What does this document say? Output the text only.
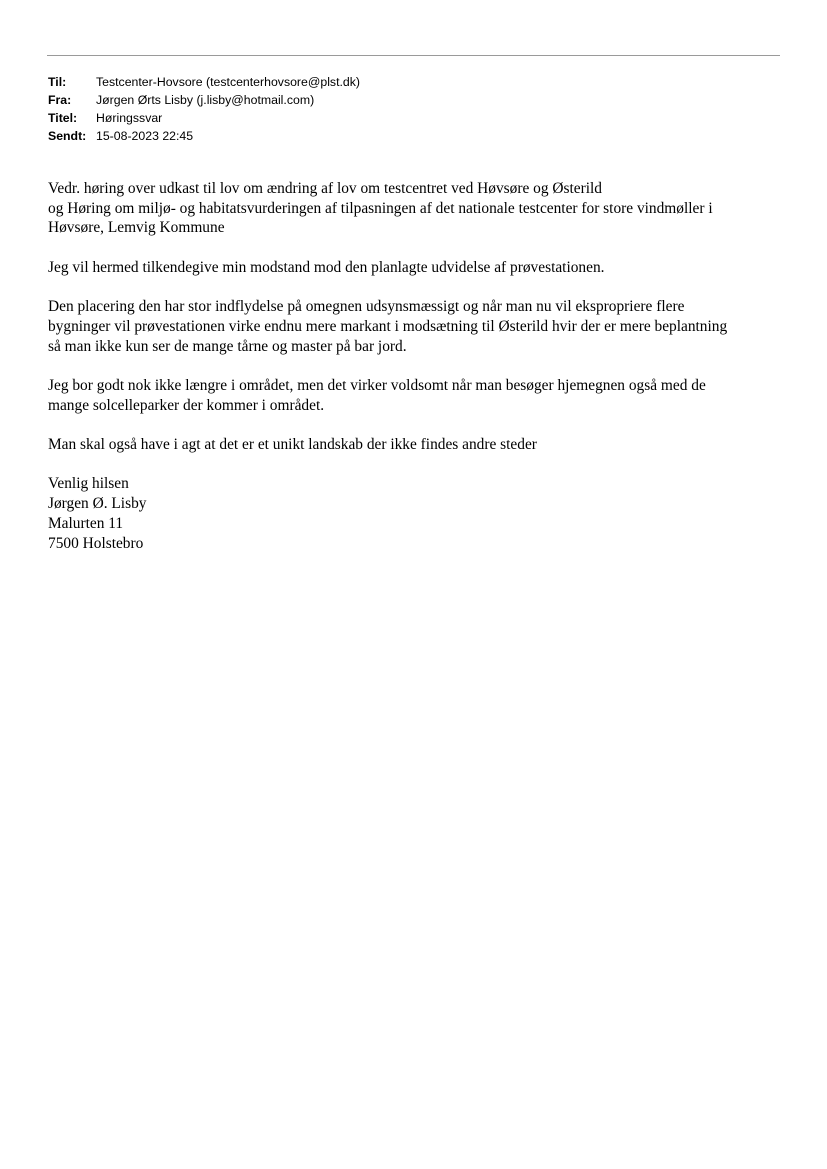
Til:	Testcenter-Hovsore (testcenterhovsore@plst.dk)
Fra:	Jørgen Ørts Lisby (j.lisby@hotmail.com)
Titel:	Høringssvar
Sendt: 15-08-2023 22:45
Vedr. høring over udkast til lov om ændring af lov om testcentret ved Høvsøre og Østerild
og Høring om miljø- og habitatsvurderingen af tilpasningen af det nationale testcenter for store vindmøller i
Høvsøre, Lemvig Kommune
Jeg vil hermed tilkendegive min modstand mod den planlagte udvidelse af prøvestationen.
Den placering den har stor indflydelse på omegnen udsynsmæssigt og når man nu vil ekspropriere flere
bygninger vil prøvestationen virke endnu mere markant i modsætning til Østerild hvir der er mere beplantning
så man ikke kun ser de mange tårne og master på bar jord.
Jeg bor godt nok ikke længre i området, men det virker voldsomt når man besøger hjemegnen også med de
mange solcelleparker der kommer i området.
Man skal også have i agt at det er et unikt landskab der ikke findes andre steder
Venlig hilsen
Jørgen Ø. Lisby
Malurten 11
7500 Holstebro
